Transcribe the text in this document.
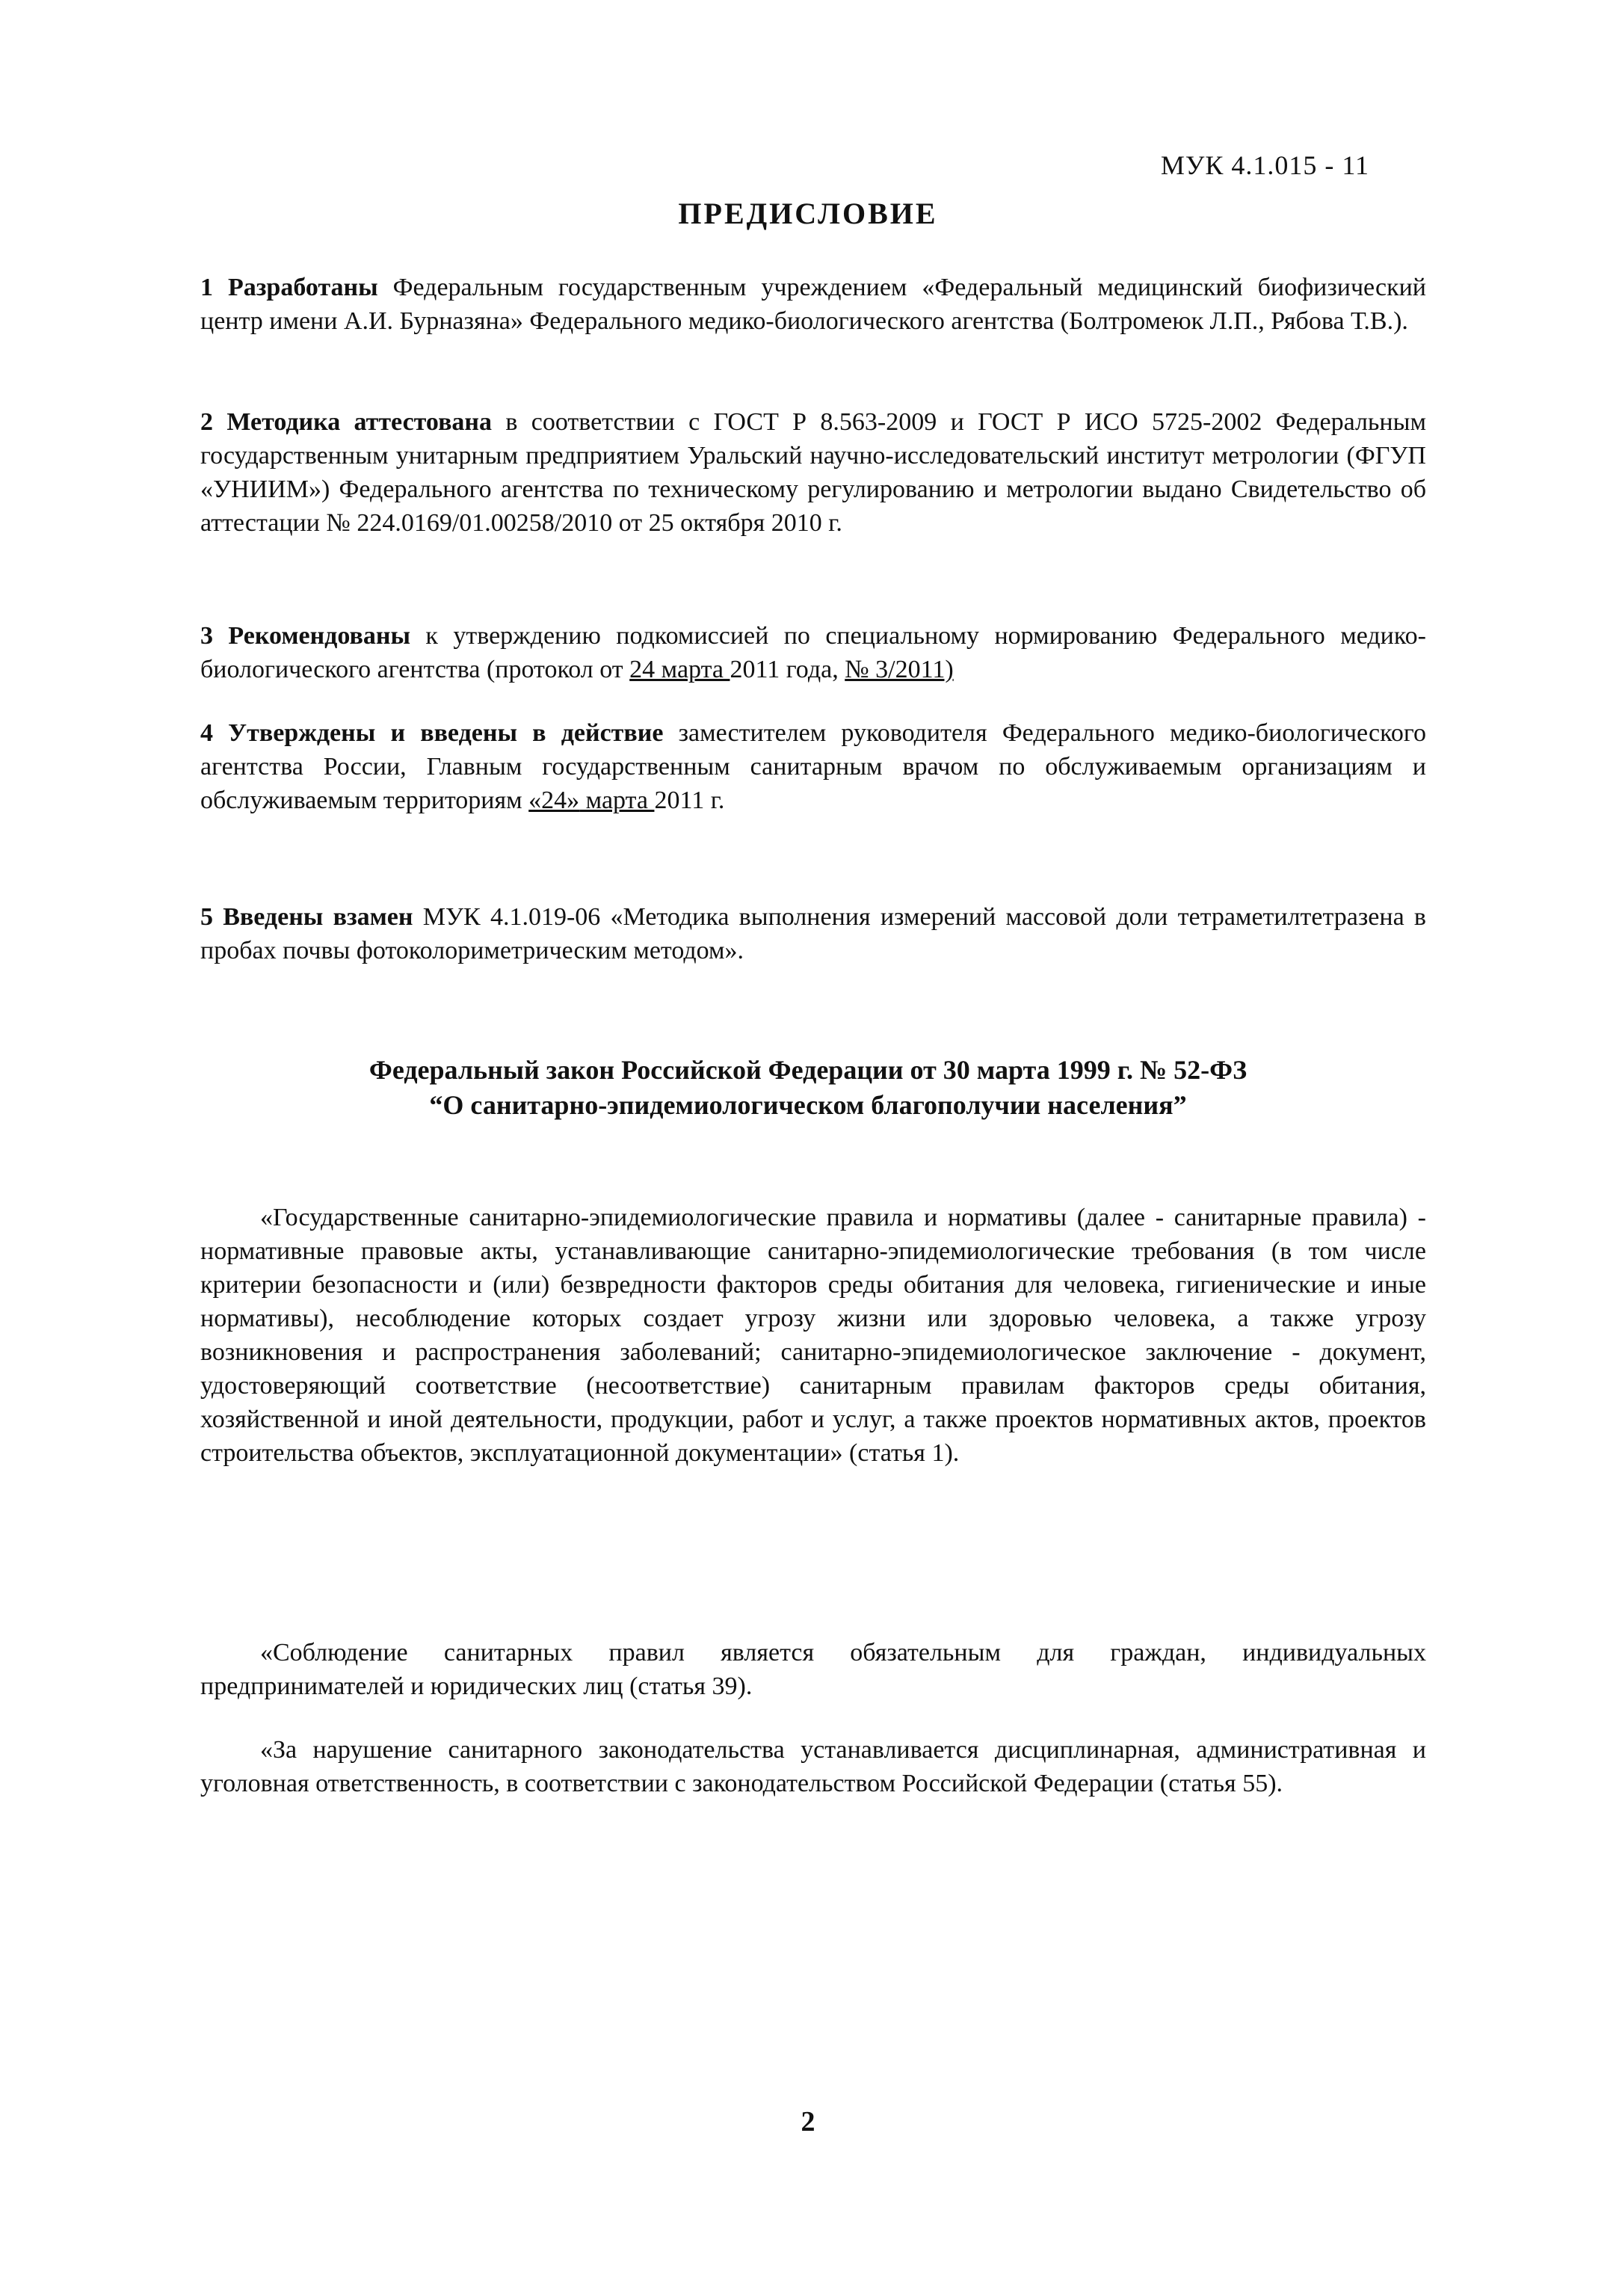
МУК 4.1.015 - 11
ПРЕДИСЛОВИЕ
1 Разработаны Федеральным государственным учреждением «Федеральный медицинский биофизический центр имени А.И. Бурназяна» Федерального медико-биологического агентства (Болтромеюк Л.П., Рябова Т.В.).
2 Методика аттестована в соответствии с ГОСТ Р 8.563-2009 и ГОСТ Р ИСО 5725-2002 Федеральным государственным унитарным предприятием Уральский научно-исследовательский институт метрологии (ФГУП «УНИИМ») Федерального агентства по техническому регулированию и метрологии выдано Свидетельство об аттестации № 224.0169/01.00258/2010 от 25 октября 2010 г.
3 Рекомендованы к утверждению подкомиссией по специальному нормированию Федерального медико-биологического агентства (протокол от 24 марта 2011 года, № 3/2011)
4 Утверждены и введены в действие заместителем руководителя Федерального медико-биологического агентства России, Главным государственным санитарным врачом по обслуживаемым организациям и обслуживаемым территориям «24» марта 2011 г.
5 Введены взамен МУК 4.1.019-06 «Методика выполнения измерений массовой доли тетраметилтетразена в пробах почвы фотоколориметрическим методом».
Федеральный закон Российской Федерации от 30 марта 1999 г. № 52-ФЗ
“О санитарно-эпидемиологическом благополучии населения”
«Государственные санитарно-эпидемиологические правила и нормативы (далее - санитарные правила) - нормативные правовые акты, устанавливающие санитарно-эпидемиологические требования (в том числе критерии безопасности и (или) безвредности факторов среды обитания для человека, гигиенические и иные нормативы), несоблюдение которых создает угрозу жизни или здоровью человека, а также угрозу возникновения и распространения заболеваний; санитарно-эпидемиологическое заключение - документ, удостоверяющий соответствие (несоответствие) санитарным правилам факторов среды обитания, хозяйственной и иной деятельности, продукции, работ и услуг, а также проектов нормативных актов, проектов строительства объектов, эксплуатационной документации» (статья 1).
«Соблюдение санитарных правил является обязательным для граждан, индивидуальных предпринимателей и юридических лиц (статья 39).
«За нарушение санитарного законодательства устанавливается дисциплинарная, административная и уголовная ответственность, в соответствии с законодательством Российской Федерации (статья 55).
2
